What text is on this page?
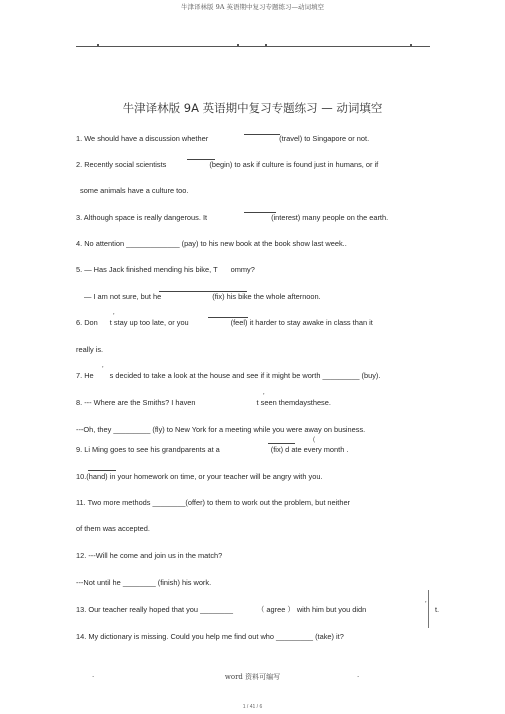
牛津译林版 9A 英语期中复习专题练习—动词填空
牛津译林版 9A 英语期中复习专题练习 — 动词填空
1. We should have a discussion whether	(travel) to Singapore or not.
2. Recently social scientists	(begin) to ask if culture is found just in humans, or if
some animals have a culture too.
3. Although space is really dangerous. It	(interest) many people on the earth.
4. No attention _____________ (pay) to his new book at the book show last week..
5. — Has Jack finished mending his bike, T ommy?
— I am not sure, but he	(fix) his bike the whole afternoon.
6. Don t stay up too late, or you	(feel) it harder to stay awake in class than it
’
really is.
7. He s decided to take a look at the house and see if it might be worth _________ (buy).
’
8. --- Where are the Smiths? I haven	t seen themdaysthese.
’
---Oh, they _________ (fly) to New York for a meeting while you were away on business.
(
9. Li Ming goes to see his grandparents at a	(fix) d ate every month .
10.(hand) in your homework on time, or your teacher will be angry with you.
11. Two more methods ________(offer) to them to work out the problem, but neither
of them was accepted.
12. ---Will he come and join us in the match?
---Not until he ________ (finish) his work.
13. Our teacher really hoped that you ________	（ agree ） with him but you didn
’
t.
14. My dictionary is missing. Could you help me find out who _________ (take) it?
.	word 资料可编写	.
1 / 41 / 6
